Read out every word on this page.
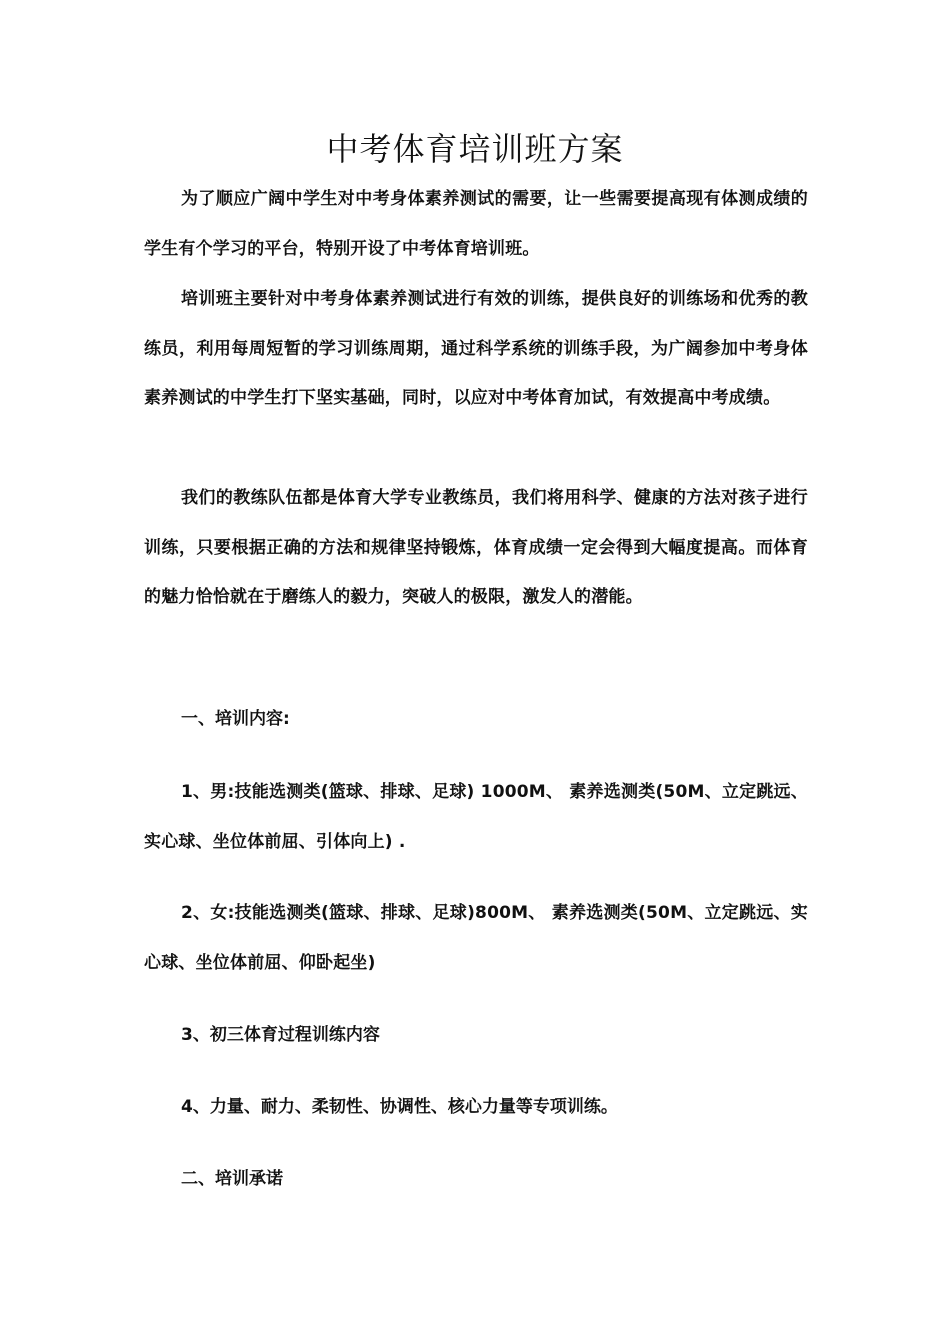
中考体育培训班方案

为了顺应广阔中学生对中考身体素养测试的需要，让一些需要提高现有体测成绩的学生有个学习的平台，特别开设了中考体育培训班。

培训班主要针对中考身体素养测试进行有效的训练，提供良好的训练场和优秀的教练员，利用每周短暂的学习训练周期，通过科学系统的训练手段，为广阔参加中考身体素养测试的中学生打下坚实基础，同时，以应对中考体育加试，有效提高中考成绩。

我们的教练队伍都是体育大学专业教练员，我们将用科学、健康的方法对孩子进行训练，只要根据正确的方法和规律坚持锻炼，体育成绩一定会得到大幅度提高。而体育的魅力恰恰就在于磨练人的毅力，突破人的极限，激发人的潜能。

一、培训内容:

1、男:技能选测类(篮球、排球、足球) 1000M、 素养选测类(50M、立定跳远、实心球、坐位体前屈、引体向上) .

2、女:技能选测类(篮球、排球、足球)800M、 素养选测类(50M、立定跳远、实心球、坐位体前屈、仰卧起坐)

3、初三体育过程训练内容

4、力量、耐力、柔韧性、协调性、核心力量等专项训练。

二、培训承诺
